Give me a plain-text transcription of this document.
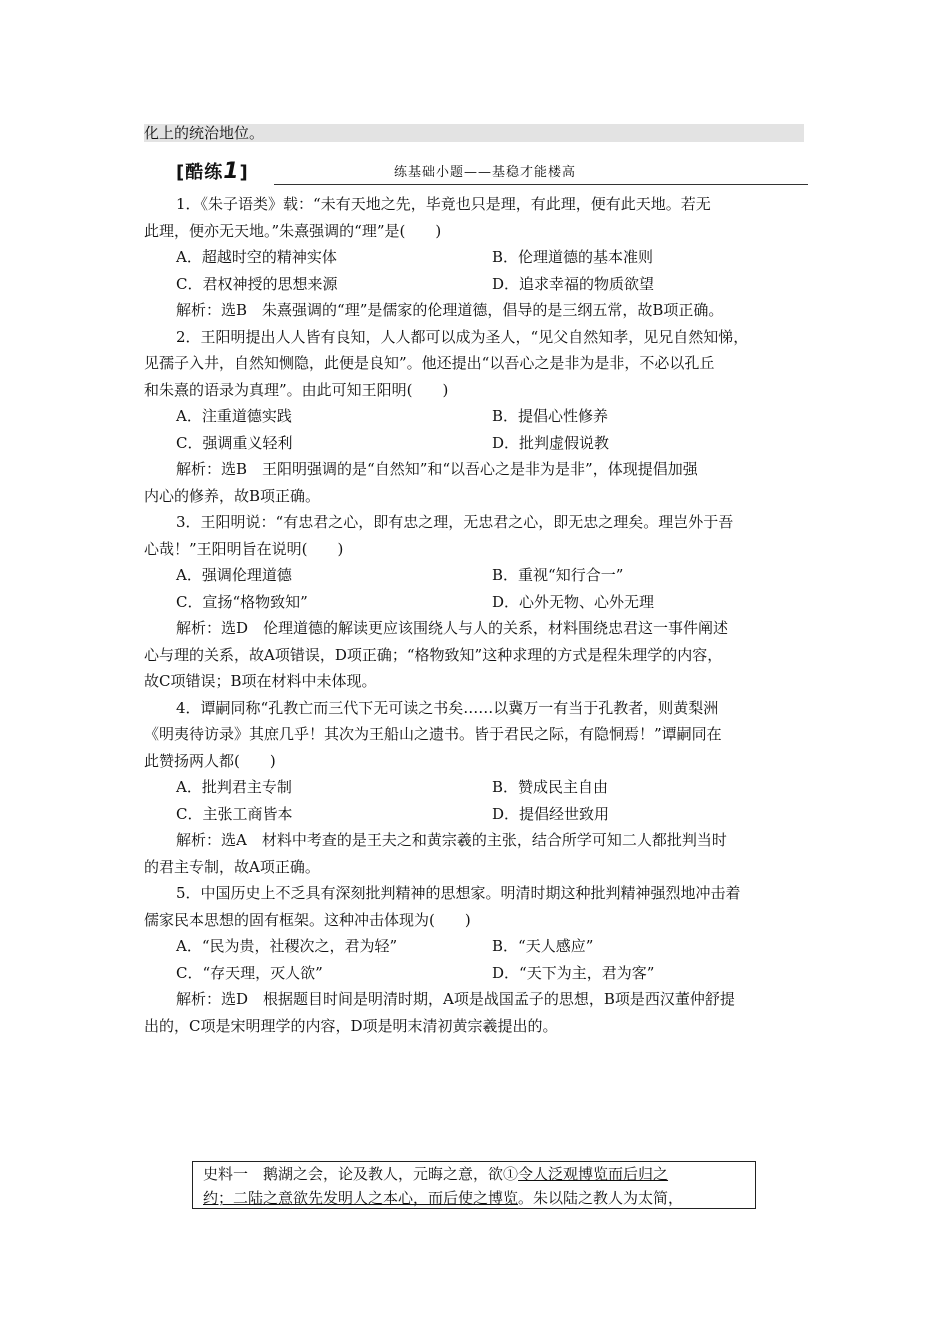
化上的统治地位。
[酷练1]	练基础小题——基稳才能楼高
1．《朱子语类》载：“未有天地之先，毕竟也只是理，有此理，便有此天地。若无
此理，便亦无天地。”朱熹强调的“理”是(　　)
A．超越时空的精神实体	B．伦理道德的基本准则
C．君权神授的思想来源	D．追求幸福的物质欲望
解析：选B　朱熹强调的“理”是儒家的伦理道德，倡导的是三纲五常，故B项正确。
2．王阳明提出人人皆有良知，人人都可以成为圣人，“见父自然知孝，见兄自然知悌，
见孺子入井，自然知恻隐，此便是良知”。他还提出“以吾心之是非为是非，不必以孔丘
和朱熹的语录为真理”。由此可知王阳明(　　)
A．注重道德实践	B．提倡心性修养
C．强调重义轻利	D．批判虚假说教
解析：选B　王阳明强调的是“自然知”和“以吾心之是非为是非”，体现提倡加强
内心的修养，故B项正确。
3．王阳明说：“有忠君之心，即有忠之理，无忠君之心，即无忠之理矣。理岂外于吾
心哉！”王阳明旨在说明(　　)
A．强调伦理道德	B．重视“知行合一”
C．宣扬“格物致知”	D．心外无物、心外无理
解析：选D　伦理道德的解读更应该围绕人与人的关系，材料围绕忠君这一事件阐述
心与理的关系，故A项错误，D项正确；“格物致知”这种求理的方式是程朱理学的内容，
故C项错误；B项在材料中未体现。
4．谭嗣同称“孔教亡而三代下无可读之书矣……以冀万一有当于孔教者，则黄梨洲
《明夷待访录》其庶几乎！其次为王船山之遗书。皆于君民之际，有隐恫焉！”谭嗣同在
此赞扬两人都(　　)
A．批判君主专制	B．赞成民主自由
C．主张工商皆本	D．提倡经世致用
解析：选A　材料中考查的是王夫之和黄宗羲的主张，结合所学可知二人都批判当时
的君主专制，故A项正确。
5．中国历史上不乏具有深刻批判精神的思想家。明清时期这种批判精神强烈地冲击着
儒家民本思想的固有框架。这种冲击体现为(　　)
A．“民为贵，社稷次之，君为轻”	B．“天人感应”
C．“存天理，灭人欲”	D．“天下为主，君为客”
解析：选D　根据题目时间是明清时期，A项是战国孟子的思想，B项是西汉董仲舒提
出的，C项是宋明理学的内容，D项是明末清初黄宗羲提出的。
史料一　鹅湖之会，论及教人，元晦之意，欲①令人泛观博览而后归之
约；二陆之意欲先发明人之本心，而后使之博览。朱以陆之教人为太简，
